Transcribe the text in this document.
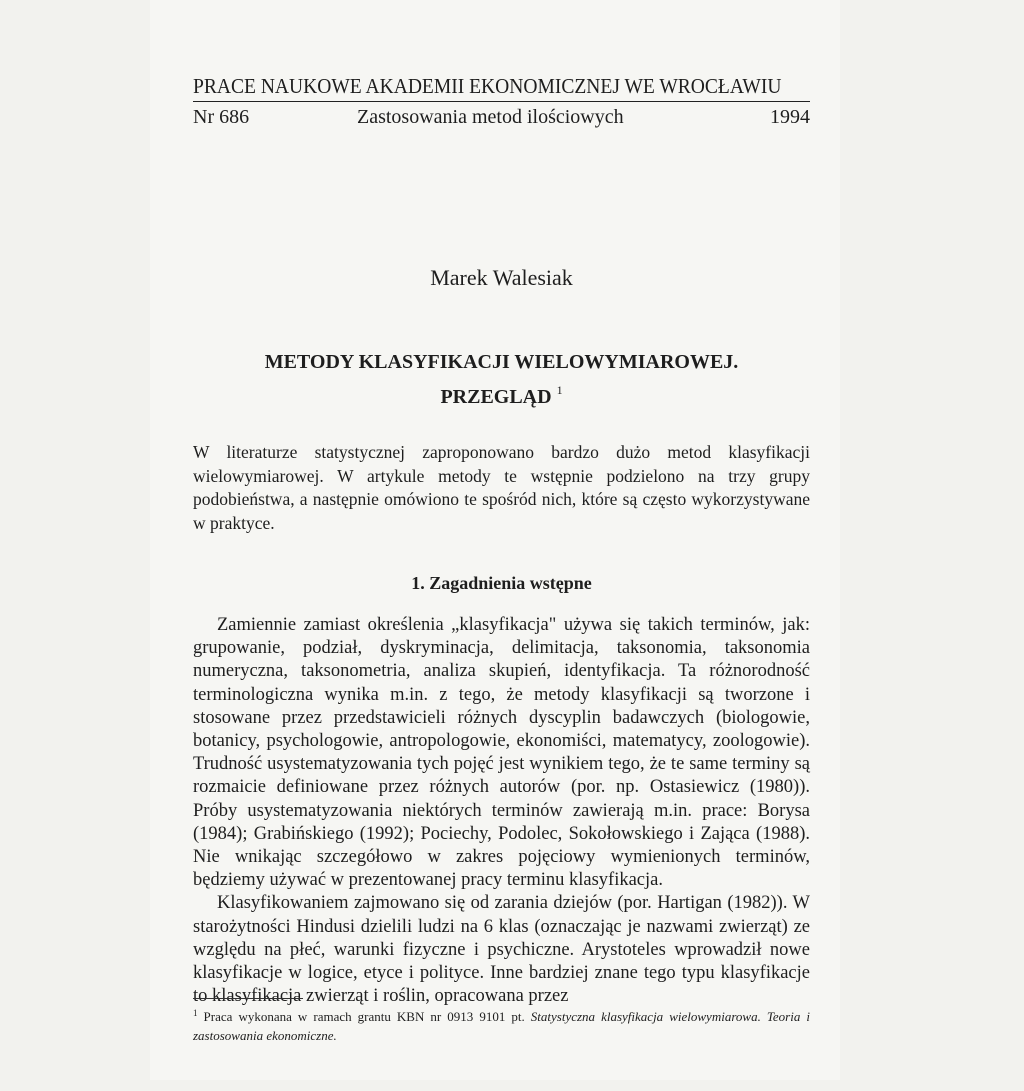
PRACE NAUKOWE AKADEMII EKONOMICZNEJ WE WROCŁAWIU
Nr 686	Zastosowania metod ilościowych	1994
Marek Walesiak
METODY KLASYFIKACJI WIELOWYMIAROWEJ.
PRZEGLĄD $^1$
W literaturze statystycznej zaproponowano bardzo dużo metod klasyfikacji wielowymiarowej. W artykule metody te wstępnie podzielono na trzy grupy podobieństwa, a następnie omówiono te spośród nich, które są często wykorzystywane w praktyce.
1. Zagadnienia wstępne

Zamiennie zamiast określenia „klasyfikacja" używa się takich terminów, jak: grupowanie, podział, dyskryminacja, delimitacja, taksonomia, taksonomia numeryczna, taksonometria, analiza skupień, identyfikacja. Ta różnorodność terminologiczna wynika m.in. z tego, że metody klasyfikacji są tworzone i stosowane przez przedstawicieli różnych dyscyplin badawczych (biologowie, botanicy, psychologowie, antropologowie, ekonomiści, matematycy, zoologowie). Trudność usystematyzowania tych pojęć jest wynikiem tego, że te same terminy są rozmaicie definiowane przez różnych autorów (por. np. Ostasiewicz (1980)). Próby usystematyzowania niektórych terminów zawierają m.in. prace: Borysa (1984); Grabińskiego (1992); Pociechy, Podolec, Sokołowskiego i Zająca (1988). Nie wnikając szczegółowo w zakres pojęciowy wymienionych terminów, będziemy używać w prezentowanej pracy terminu klasyfikacja.

Klasyfikowaniem zajmowano się od zarania dziejów (por. Hartigan (1982)). W starożytności Hindusi dzielili ludzi na 6 klas (oznaczając je nazwami zwierząt) ze względu na płeć, warunki fizyczne i psychiczne. Arystoteles wprowadził nowe klasyfikacje w logice, etyce i polityce. Inne bardziej znane tego typu klasyfikacje to klasyfikacja zwierząt i roślin, opracowana przez

$^1$ Praca wykonana w ramach grantu KBN nr 0913 9101 pt. Statystyczna klasyfikacja wielowymiarowa. Teoria i zastosowania ekonomiczne.
